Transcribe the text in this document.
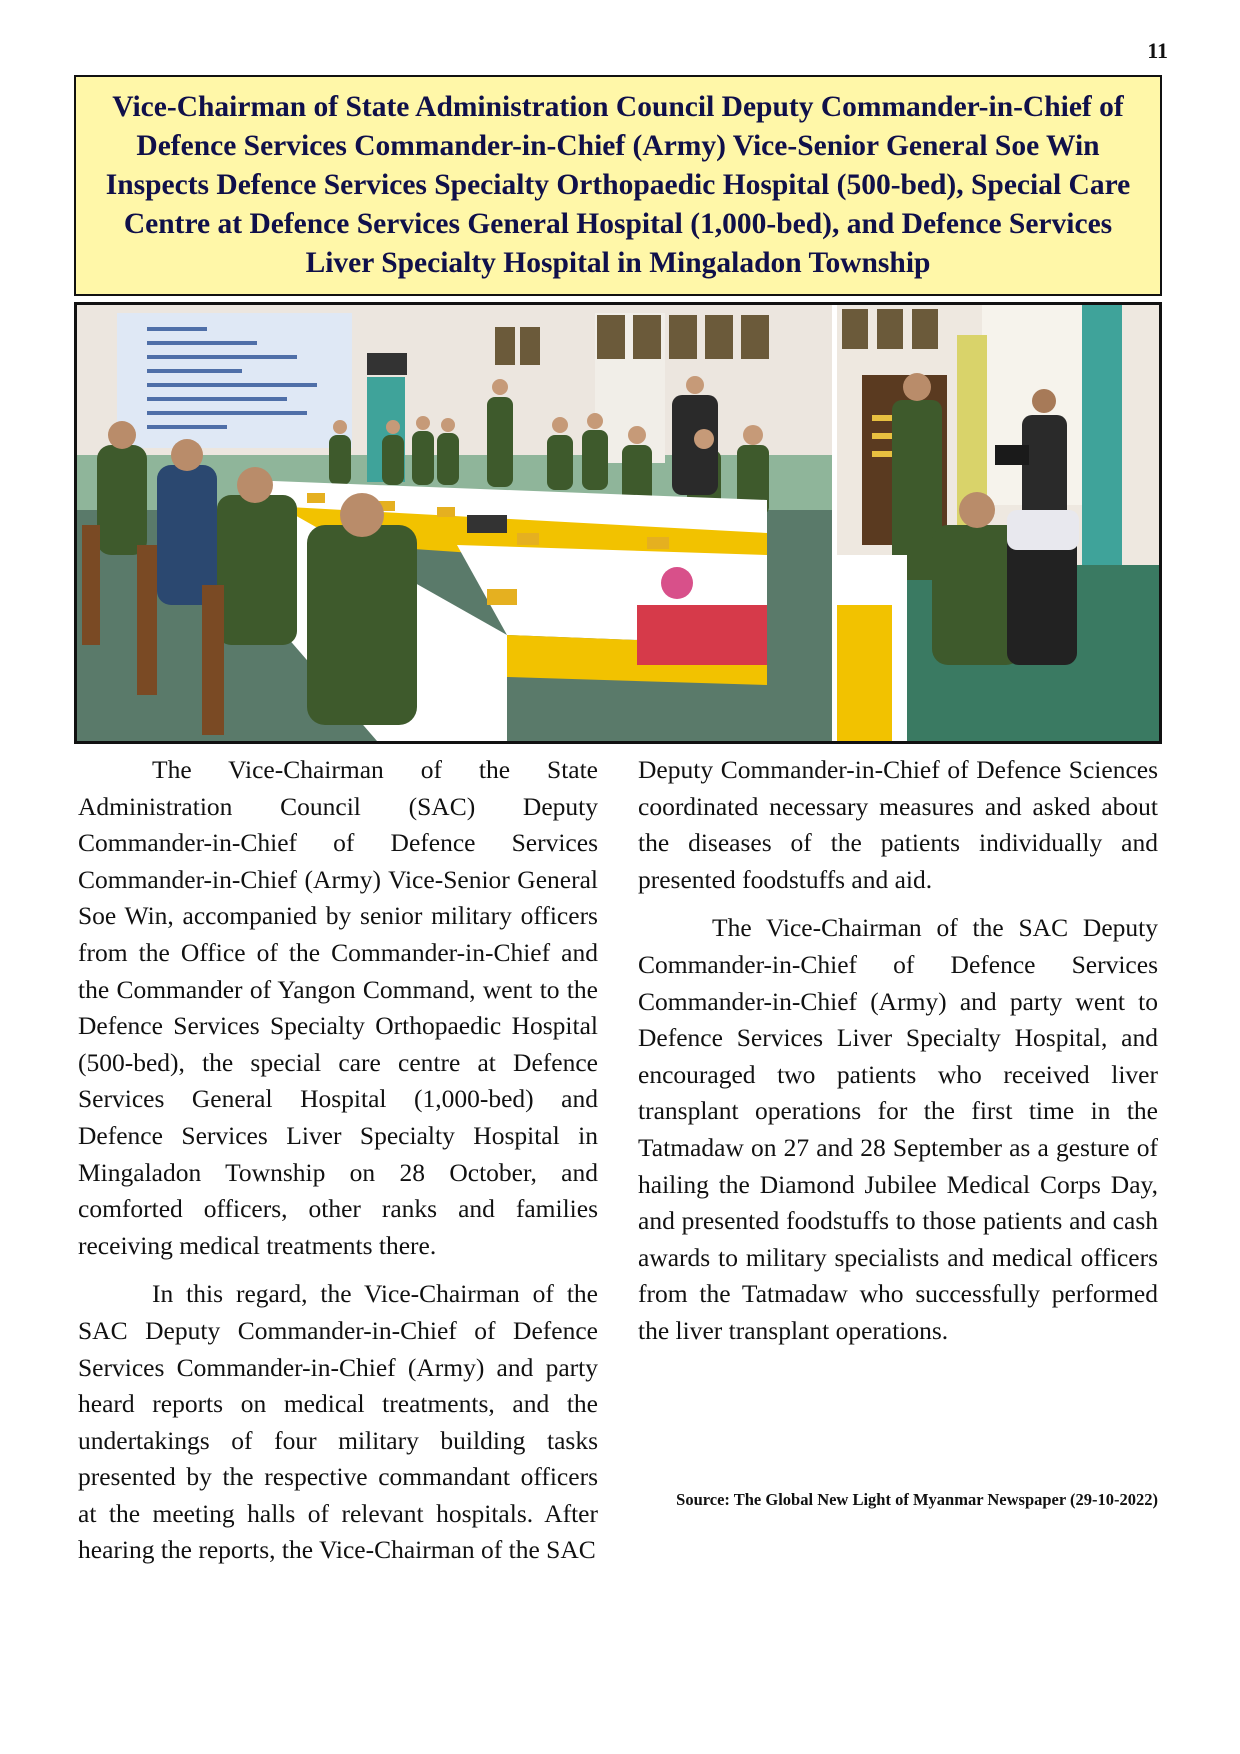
11
Vice-Chairman of State Administration Council Deputy Commander-in-Chief of Defence Services Commander-in-Chief (Army) Vice-Senior General Soe Win Inspects Defence Services Specialty Orthopaedic Hospital (500-bed), Special Care Centre at Defence Services General Hospital (1,000-bed), and Defence Services Liver Specialty Hospital in Mingaladon Township

The Vice-Chairman of the State Administration Council (SAC) Deputy Commander-in-Chief of Defence Services Commander-in-Chief (Army) Vice-Senior General Soe Win, accompanied by senior military officers from the Office of the Commander-in-Chief and the Commander of Yangon Command, went to the Defence Services Specialty Orthopaedic Hospital (500-bed), the special care centre at Defence Services General Hospital (1,000-bed) and Defence Services Liver Specialty Hospital in Mingaladon Township on 28 October, and comforted officers, other ranks and families receiving medical treatments there.

In this regard, the Vice-Chairman of the SAC Deputy Commander-in-Chief of Defence Services Commander-in-Chief (Army) and party heard reports on medical treatments, and the undertakings of four military building tasks presented by the respective commandant officers at the meeting halls of relevant hospitals. After hearing the reports, the Vice-Chairman of the SAC

Deputy Commander-in-Chief of Defence Sciences coordinated necessary measures and asked about the diseases of the patients individually and presented foodstuffs and aid.

The Vice-Chairman of the SAC Deputy Commander-in-Chief of Defence Services Commander-in-Chief (Army) and party went to Defence Services Liver Specialty Hospital, and encouraged two patients who received liver transplant operations for the first time in the Tatmadaw on 27 and 28 September as a gesture of hailing the Diamond Jubilee Medical Corps Day, and presented foodstuffs to those patients and cash awards to military specialists and medical officers from the Tatmadaw who successfully performed the liver transplant operations.

Source: The Global New Light of Myanmar Newspaper (29-10-2022)
